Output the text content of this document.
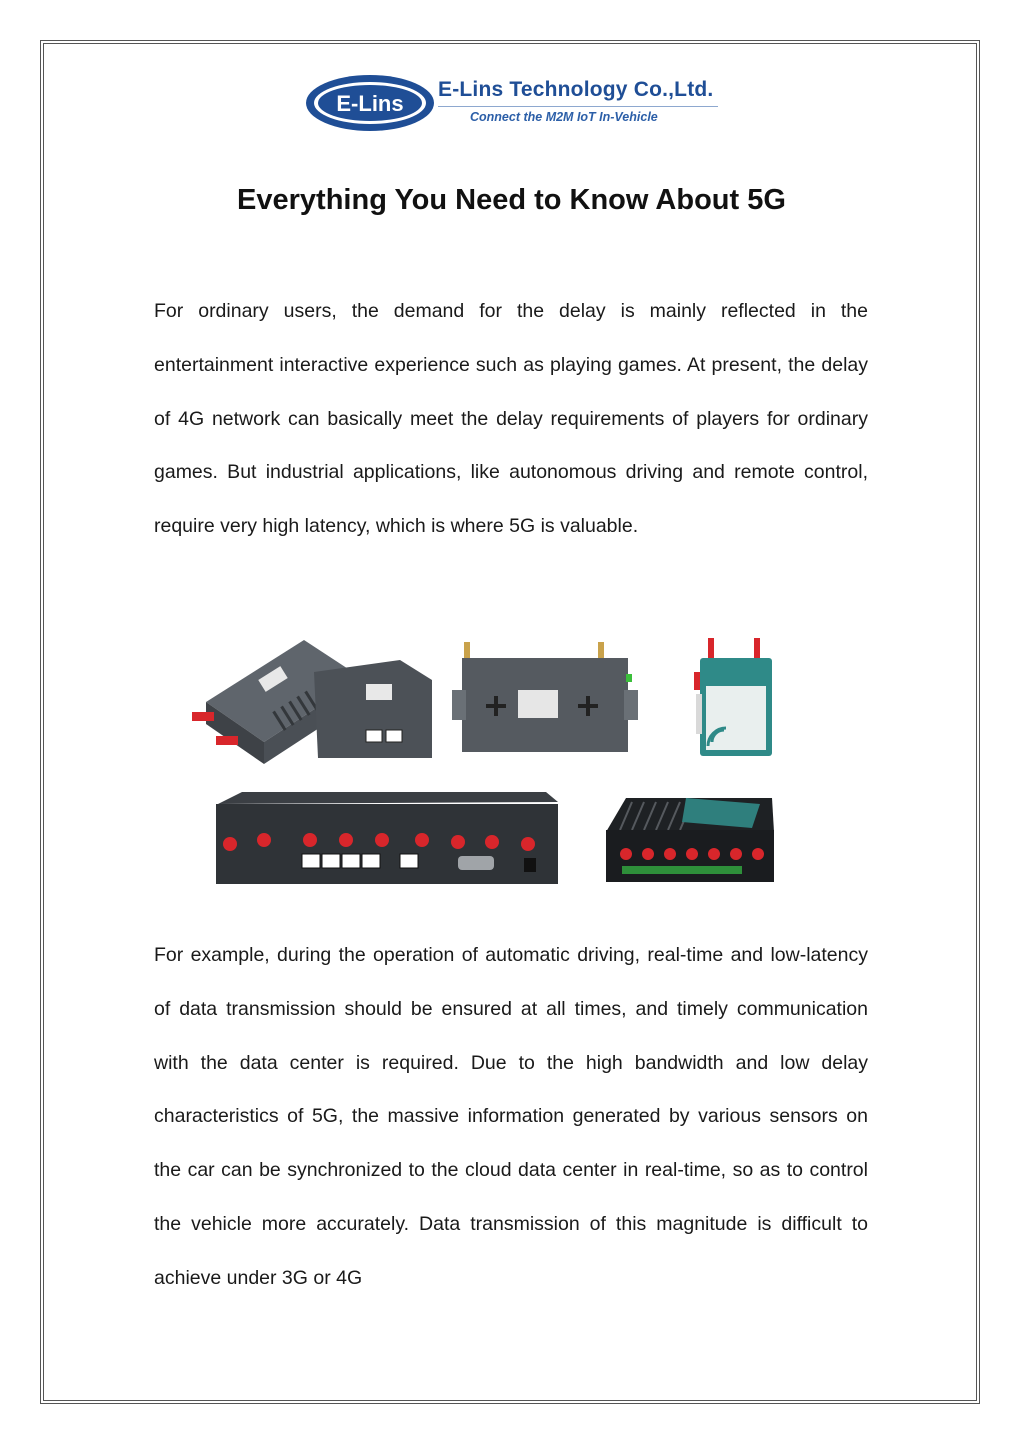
E-Lins
E-Lins Technology Co.,Ltd.
Connect the M2M IoT In-Vehicle
Everything You Need to Know About 5G

For ordinary users, the demand for the delay is mainly reflected in the entertainment interactive experience such as playing games. At present, the delay of 4G network can basically meet the delay requirements of players for ordinary games. But industrial applications, like autonomous driving and remote control, require very high latency, which is where 5G is valuable.

For example, during the operation of automatic driving, real-time and low-latency of data transmission should be ensured at all times, and timely communication with the data center is required. Due to the high bandwidth and low delay characteristics of 5G, the massive information generated by various sensors on the car can be synchronized to the cloud data center in real-time, so as to control the vehicle more accurately. Data transmission of this magnitude is difficult to achieve under 3G or 4G
